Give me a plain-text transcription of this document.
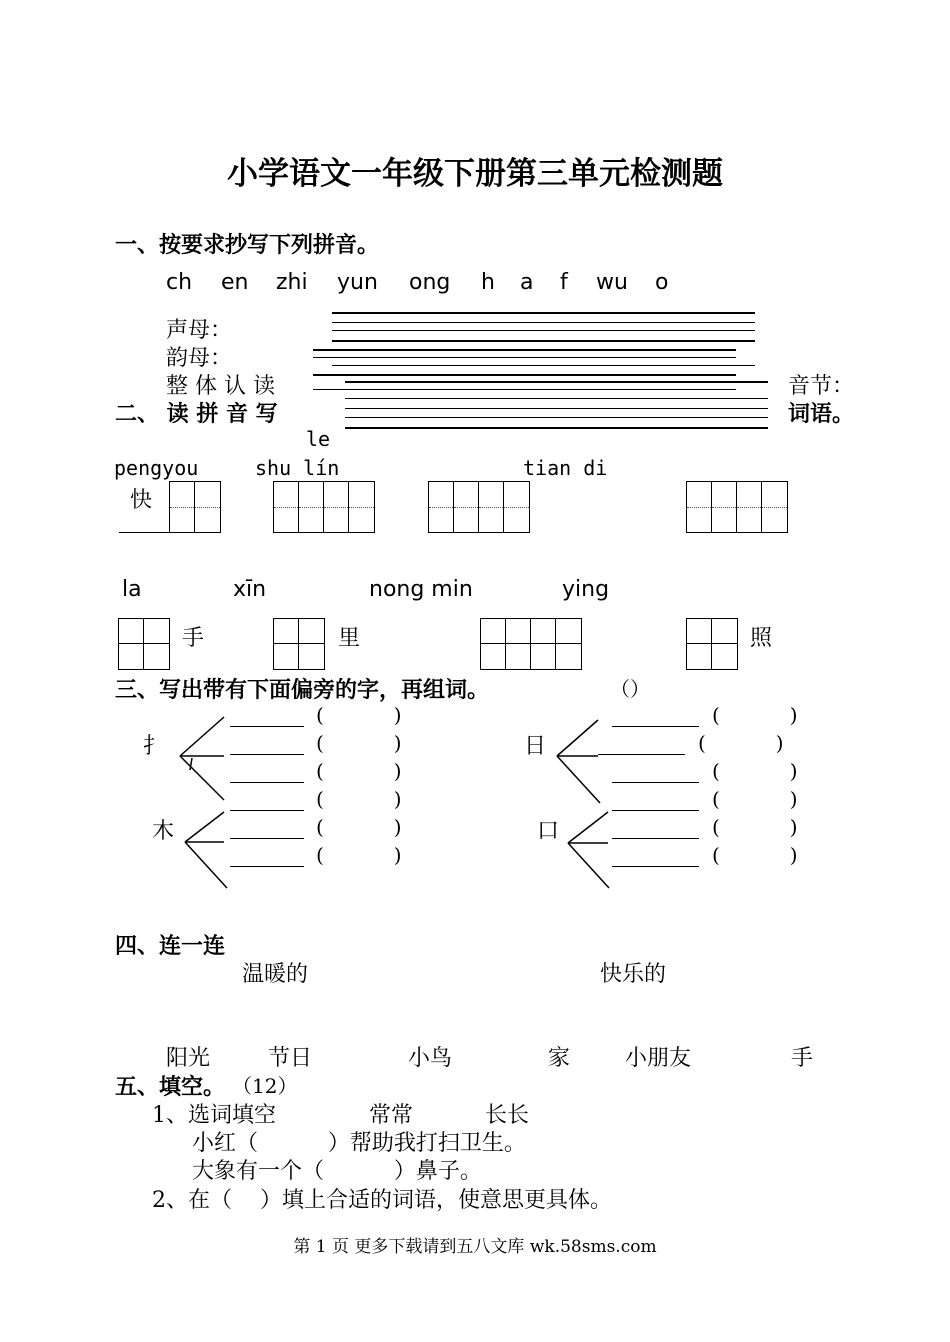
小学语文一年级下册第三单元检测题
一、按要求抄写下列拼音。
ch en zhi yun ong h a f wu o
声母：
韵母：
整 体 认 读	音节：
二、 读 拼 音 写	词语。
le
pengyou	shu lín	tian di
快
la	xīn	nong min	ying
手	里	照
三、写出带有下面偏旁的字，再组词。	（）
扌
木
日
口
(           )
(           )
(           )
(           )
(           )
(           )
(           )
(           )
(           )
(           )
(           )
(           )
四、连一连
温暖的	快乐的
阳光	节日	小鸟	家 小朋友	手
五、填空。 （12）
1、选词填空	常常	长长
小红（          ）帮助我打扫卫生。
大象有一个（          ）鼻子。
2、在（    ）填上合适的词语，使意思更具体。
第 1 页 更多下载请到五八文库 wk.58sms.com
